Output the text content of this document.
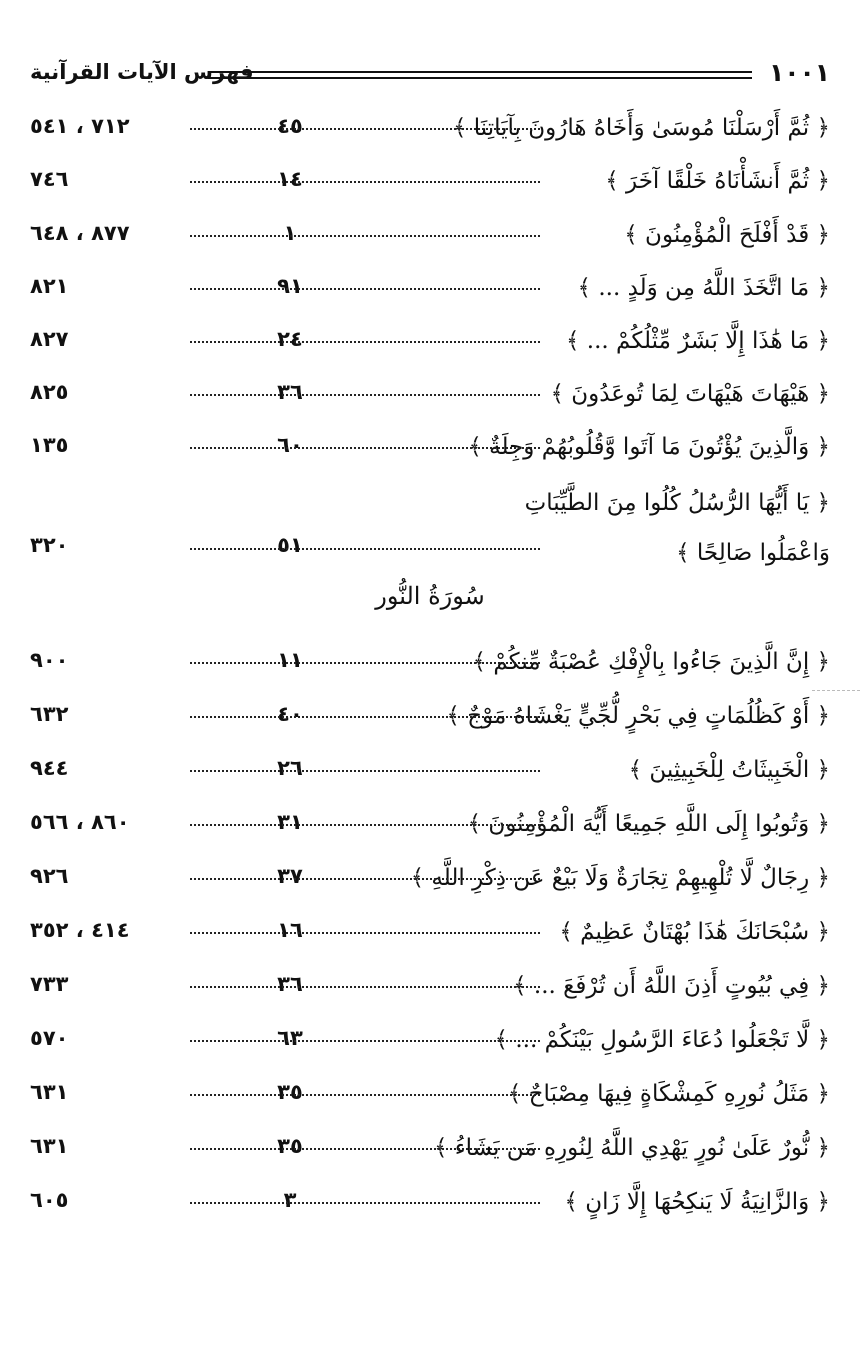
١٠٠١
فهرس الآيات القرآنية
﴿ ثُمَّ أَرْسَلْنَا مُوسَىٰ وَأَخَاهُ هَارُونَ بِآيَاتِنَا ﴾
٤٥
٧١٢ ، ٥٤١
﴿ ثُمَّ أَنشَأْنَاهُ خَلْقًا آخَرَ ﴾
١٤
٧٤٦
﴿ قَدْ أَفْلَحَ الْمُؤْمِنُونَ ﴾
١
٨٧٧ ، ٦٤٨
﴿ مَا اتَّخَذَ اللَّهُ مِن وَلَدٍ ... ﴾
٩١
٨٢١
﴿ مَا هَٰذَا إِلَّا بَشَرٌ مِّثْلُكُمْ ... ﴾
٢٤
٨٢٧
﴿ هَيْهَاتَ هَيْهَاتَ لِمَا تُوعَدُونَ ﴾
٣٦
٨٢٥
﴿ وَالَّذِينَ يُؤْتُونَ مَا آتَوا وَّقُلُوبُهُمْ وَجِلَةٌ ﴾
٦٠
١٣٥
﴿ يَا أَيُّهَا الرُّسُلُ كُلُوا مِنَ الطَّيِّبَاتِ وَاعْمَلُوا صَالِحًا ﴾
٥١
٣٢٠
سُورَةُ النُّور
﴿ إِنَّ الَّذِينَ جَاءُوا بِالْإِفْكِ عُصْبَةٌ مِّنكُمْ ﴾
١١
٩٠٠
﴿ أَوْ كَظُلُمَاتٍ فِي بَحْرٍ لُّجِّيٍّ يَغْشَاهُ مَوْجٌ ﴾
٤٠
٦٣٢
﴿ الْخَبِيثَاتُ لِلْخَبِيثِينَ ﴾
٢٦
٩٤٤
﴿ وَتُوبُوا إِلَى اللَّهِ جَمِيعًا أَيُّهَ الْمُؤْمِنُونَ ﴾
٣١
٨٦٠ ، ٥٦٦
﴿ رِجَالٌ لَّا تُلْهِيهِمْ تِجَارَةٌ وَلَا بَيْعٌ عَن ذِكْرِ اللَّهِ ﴾
٣٧
٩٢٦
﴿ سُبْحَانَكَ هَٰذَا بُهْتَانٌ عَظِيمٌ ﴾
١٦
٤١٤ ، ٣٥٢
﴿ فِي بُيُوتٍ أَذِنَ اللَّهُ أَن تُرْفَعَ ... ﴾
٣٦
٧٣٣
﴿ لَّا تَجْعَلُوا دُعَاءَ الرَّسُولِ بَيْنَكُمْ ... ﴾
٦٣
٥٧٠
﴿ مَثَلُ نُورِهِ كَمِشْكَاةٍ فِيهَا مِصْبَاحٌ ﴾
٣٥
٦٣١
﴿ نُّورٌ عَلَىٰ نُورٍ يَهْدِي اللَّهُ لِنُورِهِ مَن يَشَاءُ ﴾
٣٥
٦٣١
﴿ وَالزَّانِيَةُ لَا يَنكِحُهَا إِلَّا زَانٍ ﴾
٣
٦٠٥
